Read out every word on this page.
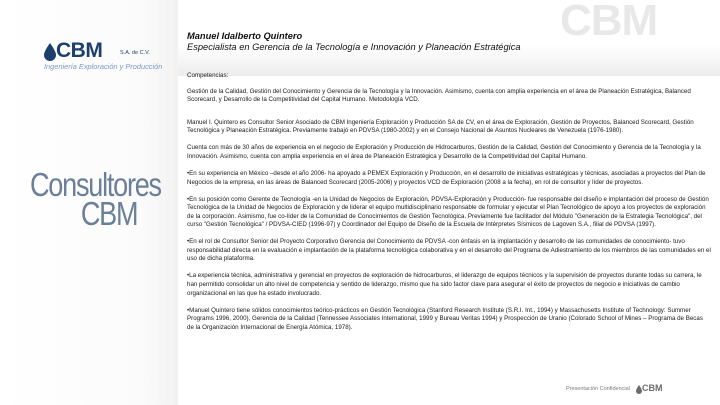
CBM
CBM	S.A. de C.V.
Ingeniería Exploración y Producción
Consultores
CBM
Manuel Idalberto Quintero
Especialista en Gerencia de la Tecnología e Innovación y Planeación Estratégica

Competencias:

Gestión de la Calidad, Gestión del Conocimiento y Gerencia de la Tecnología y la Innovación. Asimismo, cuenta con amplia experiencia en el área de Planeación Estratégica, Balanced Scorecard, y Desarrollo de la Competitividad del Capital Humano. Metodología VCD.

Manuel I. Quintero es Consultor Senior Asociado de CBM Ingeniería Exploración y Producción SA de CV, en el área de Exploración, Gestión de Proyectos, Balanced Scorecard, Gestión Tecnológica y Planeación Estratégica. Previamente trabajó en PDVSA (1980-2002) y en el Consejo Nacional de Asuntos Nucleares de Venezuela (1976-1980).

Cuenta con más de 30 años de experiencia en el negocio de Exploración y Producción de Hidrocarburos, Gestión de la Calidad, Gestión del Conocimiento y Gerencia de la Tecnología y la Innovación. Asimismo, cuenta con amplia experiencia en el área de Planeación Estratégica y Desarrollo de la Competitividad del Capital Humano.

•En su experiencia en México –desde el año 2006- ha apoyado a PEMEX Exploración y Producción, en el desarrollo de iniciativas estratégicas y técnicas, asociadas a proyectos del Plan de Negocios de la empresa, en las áreas de Balanced Scorecard (2005-2006) y proyectos VCD de Exploración (2008 a la fecha), en rol de consultor y líder de proyectos.

•En su posición como Gerente de Tecnología -en la Unidad de Negocios de Exploración, PDVSA-Exploración y Producción- fue responsable del diseño e implantación del proceso de Gestión Tecnológica de la Unidad de Negocios de Exploración y de liderar el equipo multidisciplinario responsable de formular y ejecutar el Plan Tecnológico de apoyo a los proyectos de exploración de la corporación. Asimismo, fue co-líder de la Comunidad de Conocimientos de Gestión Tecnológica. Previamente fue facilitador del Módulo "Generación de la Estrategia Tecnológica", del curso "Gestión Tecnológica" / PDVSA-CIED (1996-97) y Coordinador del Equipo de Diseño de la Escuela de Intérpretes Sísmicos de Lagoven S.A., filial de PDVSA (1997).

•En el rol de Consultor Senior del Proyecto Corporativo Gerencia del Conocimiento de PDVSA -con énfasis en la implantación y desarrollo de las comunidades de conocimiento- tuvo responsabilidad directa en la evaluación e implantación de la plataforma tecnológica colaborativa y en el desarrollo del Programa de Adiestramiento de los miembros de las comunidades en el uso de dicha plataforma.

•La experiencia técnica, administrativa y gerencial en proyectos de exploración de hidrocarburos, el liderazgo de equipos técnicos y la supervisión de proyectos durante todas su carrera, le han permitido consolidar un alto nivel de competencia y sentido de liderazgo, mismo que ha sido factor clave para asegurar el éxito de proyectos de negocio e iniciativas de cambio organizacional en las que ha estado involucrado.

•Manuel Quintero tiene sólidos conocimientos teórico-prácticos en Gestión Tecnológica (Stanford Research Institute (S.R.I. Int., 1994) y Massachusetts Institute of Technology: Summer Programs 1996, 2000), Gerencia de la Calidad (Tennessee Associates International, 1999 y Bureau Veritas 1994) y Prospección de Uranio (Colorado School of Mines – Programa de Becas de la Organización Internacional de Energía Atómica, 1978).

Presentación Confidencial CBM
